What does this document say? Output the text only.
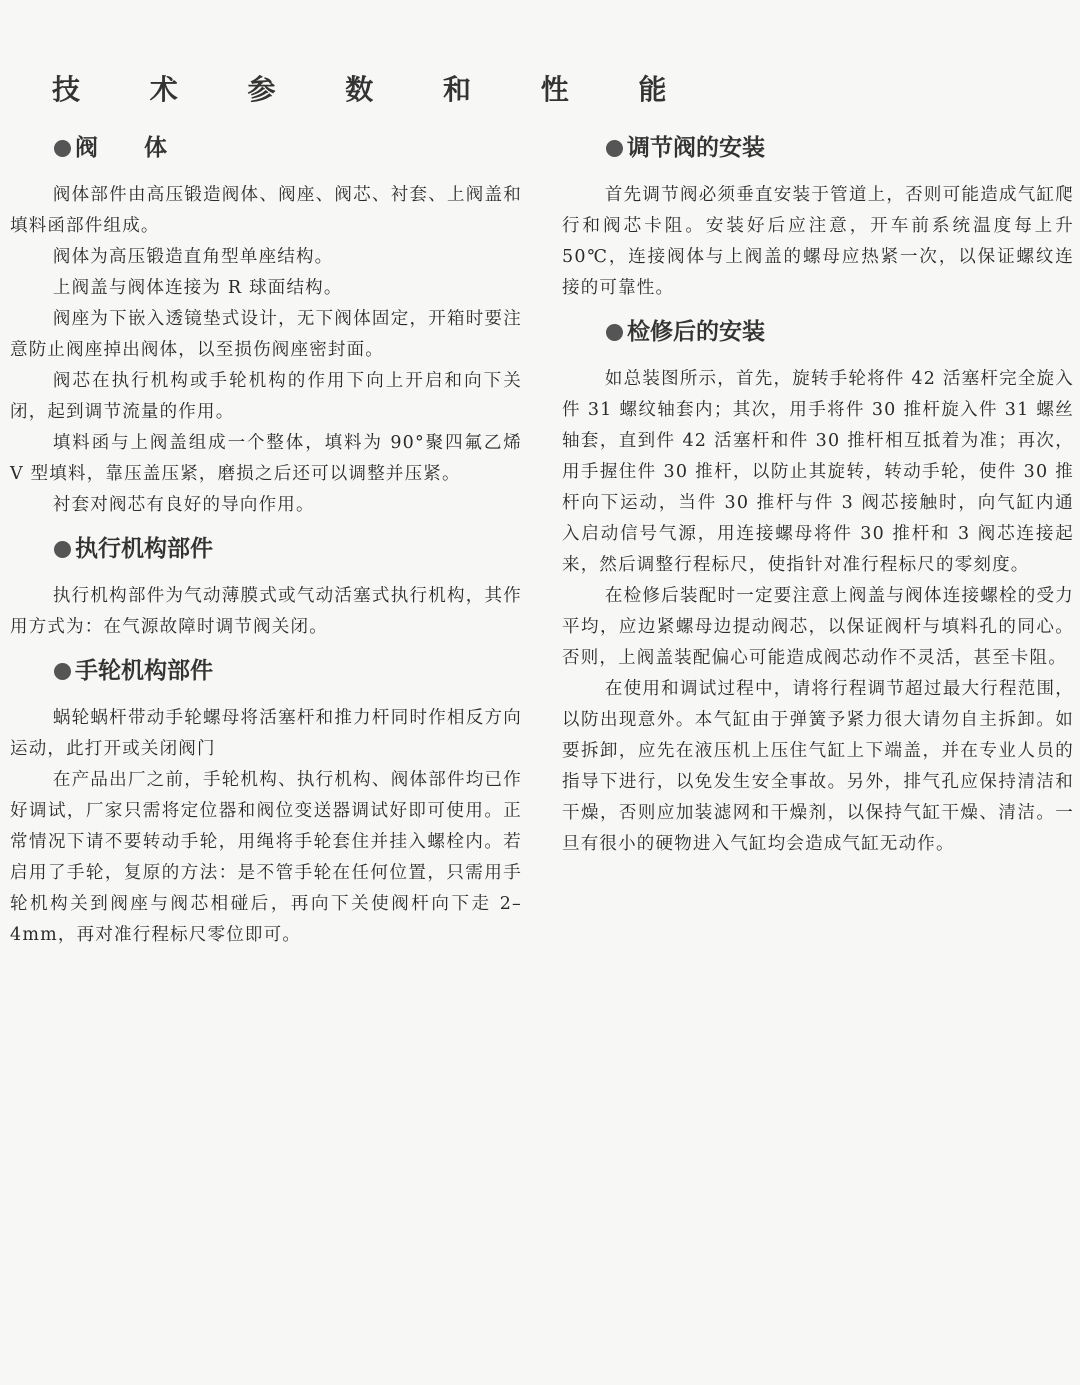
技 术 参 数 和 性 能
阀　　体

阀体部件由高压锻造阀体、阀座、阀芯、衬套、上阀盖和填料函部件组成。

阀体为高压锻造直角型单座结构。

上阀盖与阀体连接为 R 球面结构。

阀座为下嵌入透镜垫式设计，无下阀体固定，开箱时要注意防止阀座掉出阀体，以至损伤阀座密封面。

阀芯在执行机构或手轮机构的作用下向上开启和向下关闭，起到调节流量的作用。

填料函与上阀盖组成一个整体，填料为 90°聚四氟乙烯 V 型填料，靠压盖压紧，磨损之后还可以调整并压紧。

衬套对阀芯有良好的导向作用。

执行机构部件

执行机构部件为气动薄膜式或气动活塞式执行机构，其作用方式为：在气源故障时调节阀关闭。

手轮机构部件

蜗轮蜗杆带动手轮螺母将活塞杆和推力杆同时作相反方向运动，此打开或关闭阀门

在产品出厂之前，手轮机构、执行机构、阀体部件均已作好调试，厂家只需将定位器和阀位变送器调试好即可使用。正常情况下请不要转动手轮，用绳将手轮套住并挂入螺栓内。若启用了手轮，复原的方法：是不管手轮在任何位置，只需用手轮机构关到阀座与阀芯相碰后，再向下关使阀杆向下走 2–4mm，再对准行程标尺零位即可。

调节阀的安装

首先调节阀必须垂直安装于管道上，否则可能造成气缸爬行和阀芯卡阻。安装好后应注意，开车前系统温度每上升 50℃，连接阀体与上阀盖的螺母应热紧一次，以保证螺纹连接的可靠性。

检修后的安装

如总装图所示，首先，旋转手轮将件 42 活塞杆完全旋入件 31 螺纹轴套内；其次，用手将件 30 推杆旋入件 31 螺丝轴套，直到件 42 活塞杆和件 30 推杆相互抵着为准；再次，用手握住件 30 推杆，以防止其旋转，转动手轮，使件 30 推杆向下运动，当件 30 推杆与件 3 阀芯接触时，向气缸内通入启动信号气源，用连接螺母将件 30 推杆和 3 阀芯连接起来，然后调整行程标尺，使指针对准行程标尺的零刻度。

在检修后装配时一定要注意上阀盖与阀体连接螺栓的受力平均，应边紧螺母边提动阀芯，以保证阀杆与填料孔的同心。否则，上阀盖装配偏心可能造成阀芯动作不灵活，甚至卡阻。

在使用和调试过程中，请将行程调节超过最大行程范围，以防出现意外。本气缸由于弹簧予紧力很大请勿自主拆卸。如要拆卸，应先在液压机上压住气缸上下端盖，并在专业人员的指导下进行，以免发生安全事故。另外，排气孔应保持清洁和干燥，否则应加装滤网和干燥剂，以保持气缸干燥、清洁。一旦有很小的硬物进入气缸均会造成气缸无动作。
